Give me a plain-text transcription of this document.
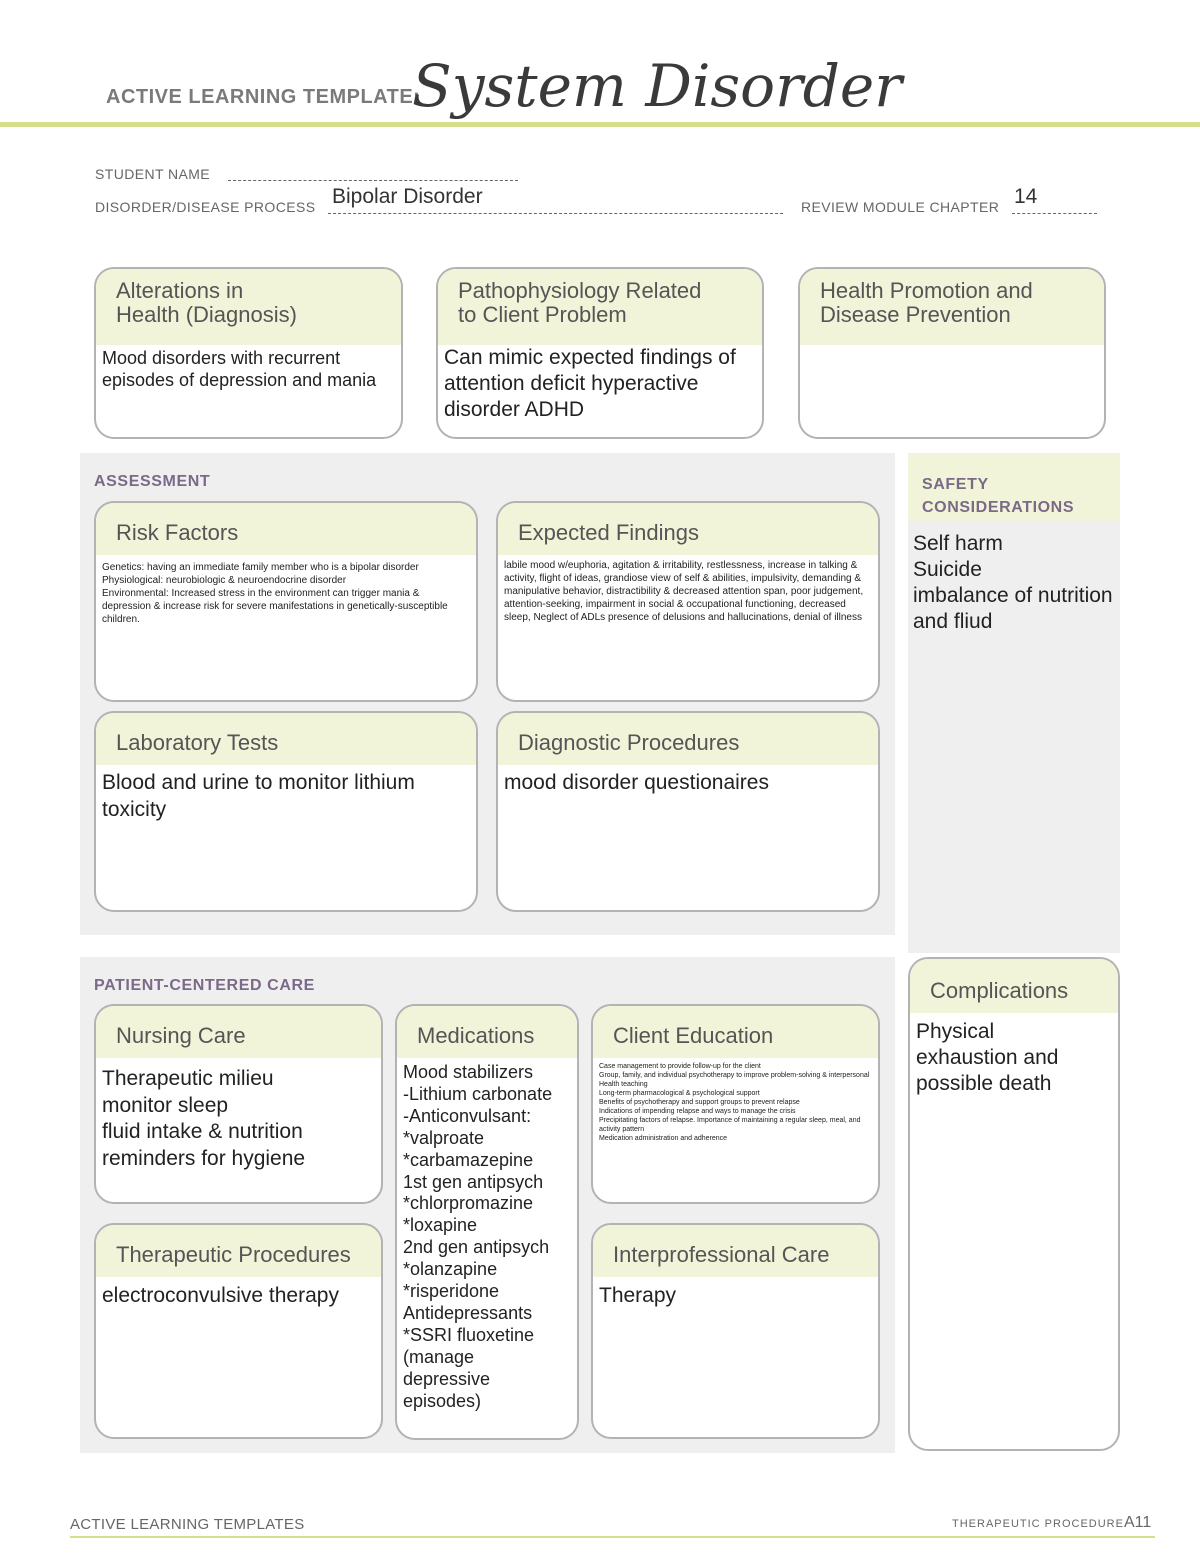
ACTIVE LEARNING TEMPLATE:
System Disorder
STUDENT NAME
DISORDER/DISEASE PROCESS Bipolar Disorder	REVIEW MODULE CHAPTER 14
Alterations in
Health (Diagnosis)
Mood disorders with recurrent episodes of depression and mania
Pathophysiology Related
to Client Problem
Can mimic expected findings of attention deficit hyperactive disorder ADHD
Health Promotion and
Disease Prevention
ASSESSMENT
Risk Factors
Genetics: having an immediate family member who is a bipolar disorder
Physiological: neurobiologic & neuroendocrine disorder
Environmental: Increased stress in the environment can trigger mania & depression & increase risk for severe manifestations in genetically-susceptible children.
Expected Findings
labile mood w/euphoria, agitation & irritability, restlessness, increase in talking & activity, flight of ideas, grandiose view of self & abilities, impulsivity, demanding & manipulative behavior, distractibility & decreased attention span, poor judgement, attention-seeking, impairment in social & occupational functioning, decreased sleep, Neglect of ADLs presence of delusions and hallucinations, denial of illness
Laboratory Tests
Blood and urine to monitor lithium toxicity
Diagnostic Procedures
mood disorder questionaires
SAFETY
CONSIDERATIONS
Self harm
Suicide
imbalance of nutrition and fliud
PATIENT-CENTERED CARE
Nursing Care
Therapeutic milieu
monitor sleep
fluid intake & nutrition
reminders for hygiene
Medications
Mood stabilizers
-Lithium carbonate
-Anticonvulsant:
*valproate
*carbamazepine
1st gen antipsych
*chlorpromazine
*loxapine
2nd gen antipsych
*olanzapine
*risperidone
Antidepressants
*SSRI fluoxetine
(manage
depressive
episodes)
Client Education
Case management to provide follow-up for the client
Group, family, and individual psychotherapy to improve problem-solving & interpersonal
Health teaching
Long-term pharmacological & psychological support
Benefits of psychotherapy and support groups to prevent relapse
Indications of impending relapse and ways to manage the crisis
Precipitating factors of relapse. Importance of maintaining a regular sleep, meal, and activity pattern
Medication administration and adherence
Therapeutic Procedures
electroconvulsive therapy
Interprofessional Care
Therapy
Complications
Physical
exhaustion and
possible death
ACTIVE LEARNING TEMPLATES	THERAPEUTIC PROCEDURE A11
